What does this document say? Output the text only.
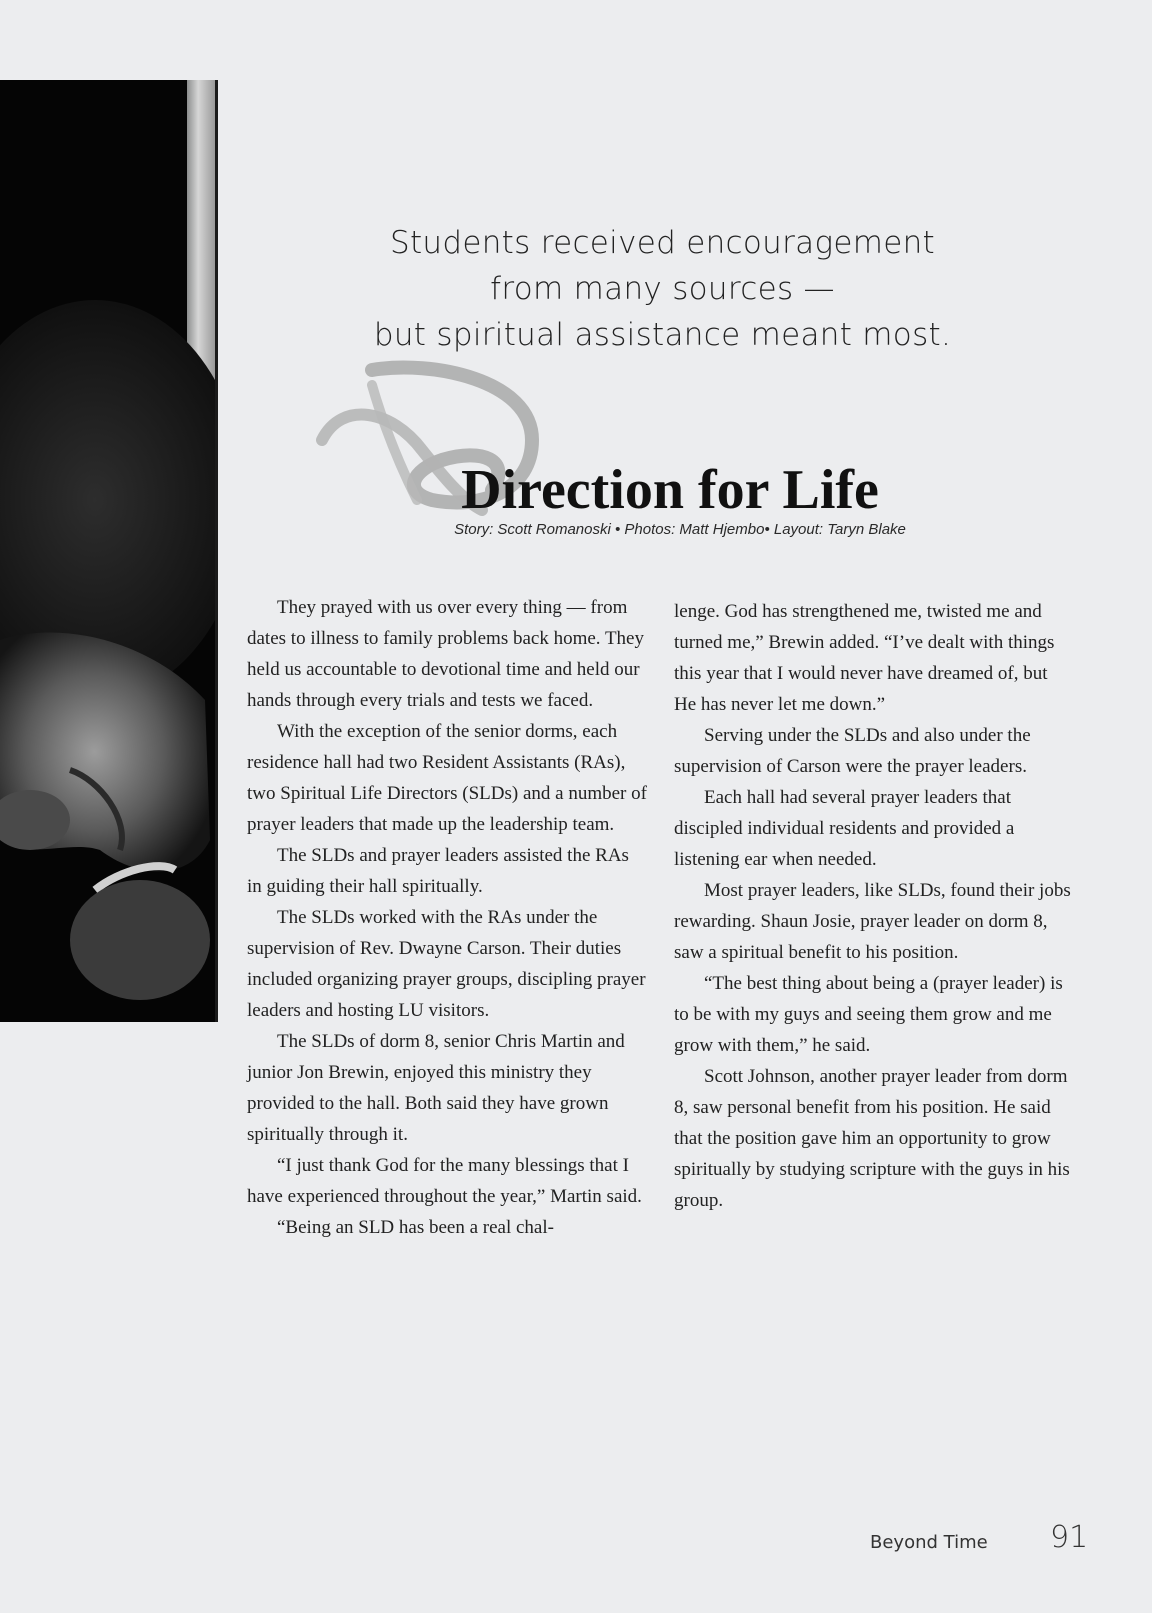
Students received encouragement
from many sources —
but spiritual assistance meant most.
Direction for Life
Story: Scott Romanoski • Photos: Matt Hjembo• Layout: Taryn Blake

They prayed with us over every thing — from dates to illness to family problems back home. They held us accountable to devotional time and held our hands through every trials and tests we faced.

With the exception of the senior dorms, each residence hall had two Resident Assistants (RAs), two Spiritual Life Directors (SLDs) and a number of prayer leaders that made up the leadership team.

The SLDs and prayer leaders assisted the RAs in guiding their hall spiritually.

The SLDs worked with the RAs under the supervision of Rev. Dwayne Carson. Their duties included organizing prayer groups, discipling prayer leaders and hosting LU visitors.

The SLDs of dorm 8, senior Chris Martin and junior Jon Brewin, enjoyed this ministry they provided to the hall. Both said they have grown spiritually through it.

“I just thank God for the many blessings that I have experienced throughout the year,” Martin said.

“Being an SLD has been a real chal-

lenge. God has strengthened me, twisted me and turned me,” Brewin added. “I’ve dealt with things this year that I would never have dreamed of, but He has never let me down.”

Serving under the SLDs and also under the supervision of Carson were the prayer leaders.

Each hall had several prayer leaders that discipled individual residents and provided a listening ear when needed.

Most prayer leaders, like SLDs, found their jobs rewarding. Shaun Josie, prayer leader on dorm 8, saw a spiritual benefit to his position.

“The best thing about being a (prayer leader) is to be with my guys and seeing them grow and me grow with them,” he said.

Scott Johnson, another prayer leader from dorm 8, saw personal benefit from his position. He said that the position gave him an opportunity to grow spiritually by studying scripture with the guys in his group.

Beyond Time 91
